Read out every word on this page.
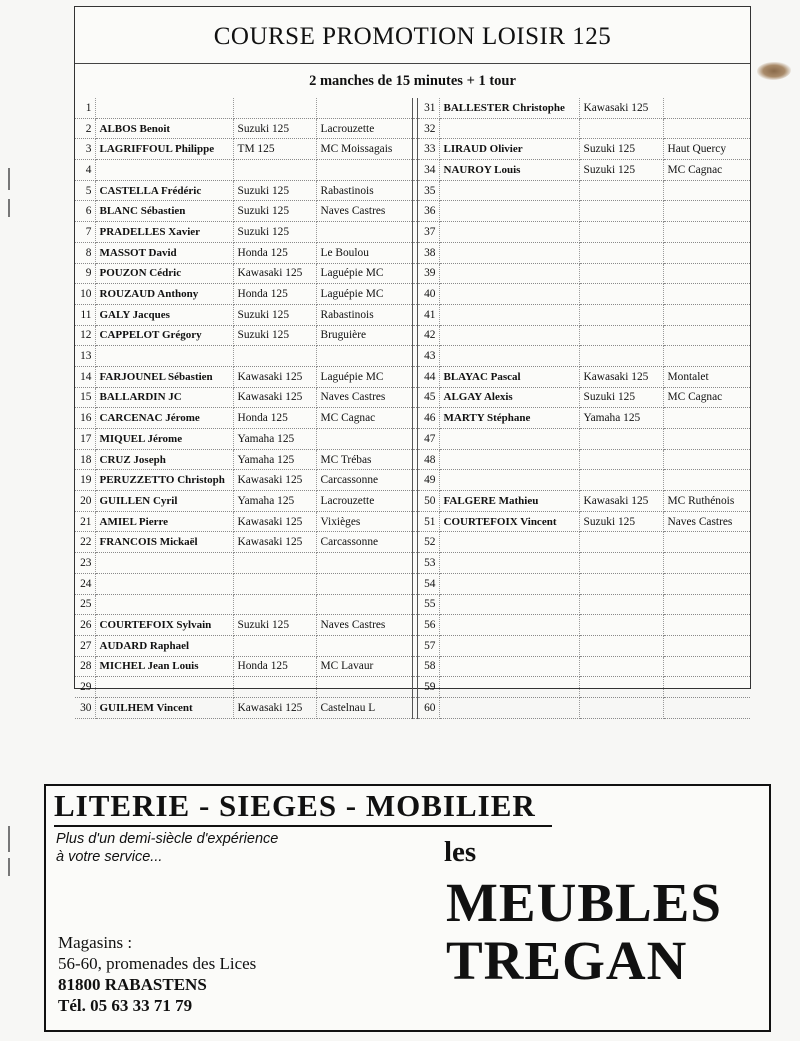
COURSE PROMOTION LOISIR 125

2 manches de 15 minutes + 1 tour

1					31	BALLESTER Christophe	Kawasaki 125	
2	ALBOS Benoit	Suzuki 125	Lacrouzette		32			
3	LAGRIFFOUL Philippe	TM 125	MC Moissagais		33	LIRAUD Olivier	Suzuki 125	Haut Quercy
4					34	NAUROY Louis	Suzuki 125	MC Cagnac
5	CASTELLA Frédéric	Suzuki 125	Rabastinois		35			
6	BLANC Sébastien	Suzuki 125	Naves Castres		36			
7	PRADELLES Xavier	Suzuki 125			37			
8	MASSOT David	Honda 125	Le Boulou		38			
9	POUZON Cédric	Kawasaki 125	Laguépie MC		39			
10	ROUZAUD Anthony	Honda 125	Laguépie MC		40			
11	GALY Jacques	Suzuki 125	Rabastinois		41			
12	CAPPELOT Grégory	Suzuki 125	Bruguière		42			
13					43			
14	FARJOUNEL Sébastien	Kawasaki 125	Laguépie MC		44	BLAYAC Pascal	Kawasaki 125	Montalet
15	BALLARDIN JC	Kawasaki 125	Naves Castres		45	ALGAY Alexis	Suzuki 125	MC Cagnac
16	CARCENAC Jérome	Honda 125	MC Cagnac		46	MARTY Stéphane	Yamaha 125	
17	MIQUEL Jérome	Yamaha 125			47			
18	CRUZ Joseph	Yamaha 125	MC Trébas		48			
19	PERUZZETTO Christoph	Kawasaki 125	Carcassonne		49			
20	GUILLEN Cyril	Yamaha 125	Lacrouzette		50	FALGERE Mathieu	Kawasaki 125	MC Ruthénois
21	AMIEL Pierre	Kawasaki 125	Vixièges		51	COURTEFOIX Vincent	Suzuki 125	Naves Castres
22	FRANCOIS Mickaël	Kawasaki 125	Carcassonne		52			
23					53			
24					54			
25					55			
26	COURTEFOIX Sylvain	Suzuki 125	Naves Castres		56			
27	AUDARD Raphael				57			
28	MICHEL Jean Louis	Honda 125	MC Lavaur		58			
29					59			
30	GUILHEM Vincent	Kawasaki 125	Castelnau L		60			
LITERIE - SIEGES - MOBILIER

Plus d'un demi-siècle d'expérience
à votre service...

Magasins :
56-60, promenades des Lices
81800 RABASTENS
Tél. 05 63 33 71 79
les
MEUBLES
TREGAN
